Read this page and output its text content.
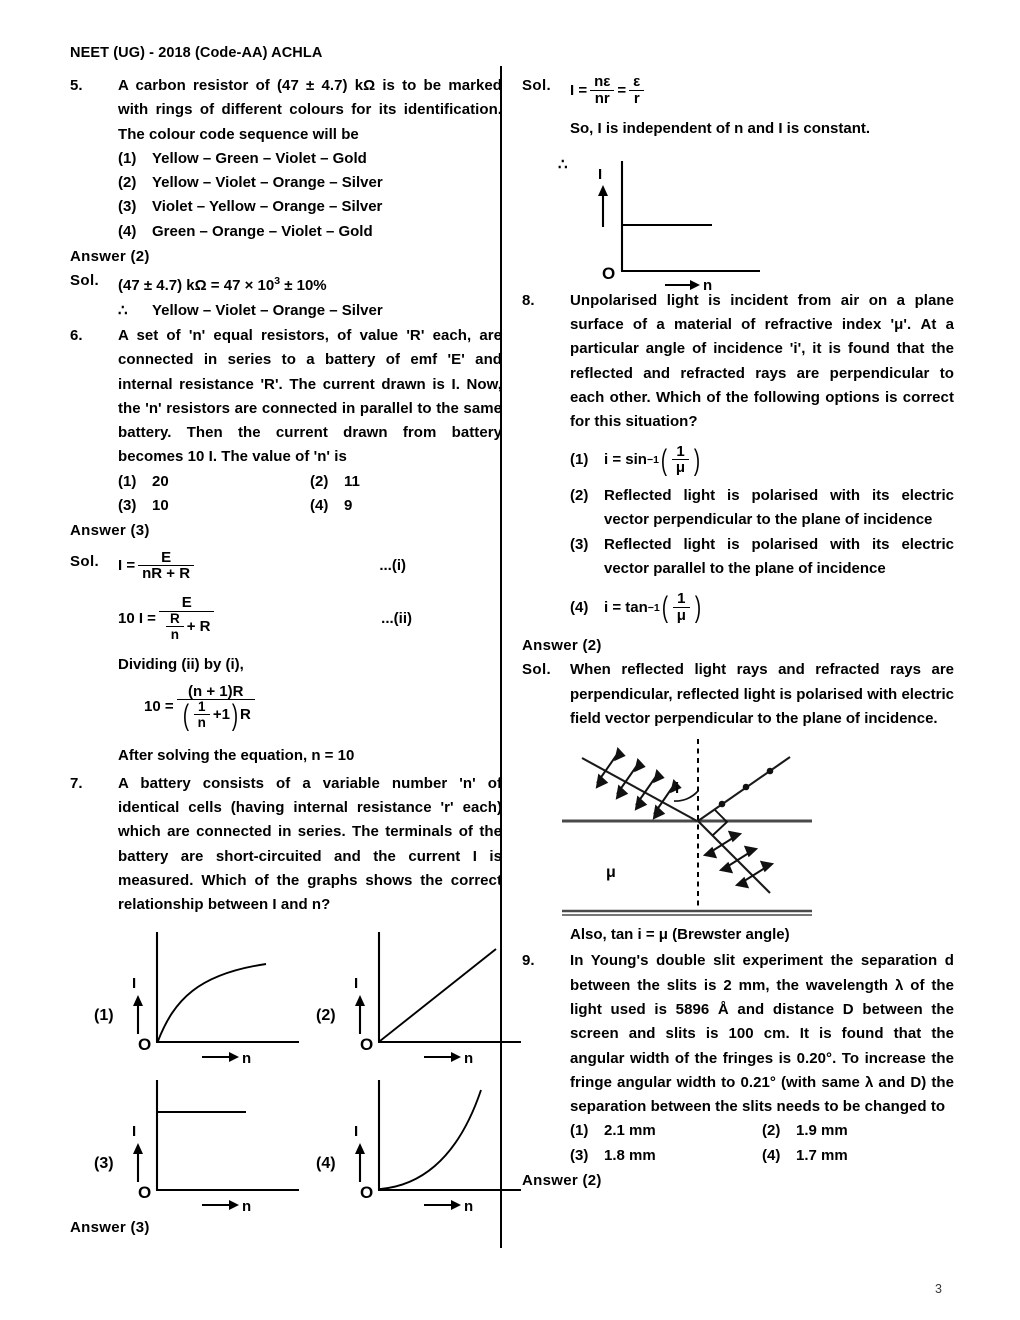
NEET (UG) - 2018 (Code-AA) ACHLA
5.	A carbon resistor of (47 ± 4.7) kΩ is to be marked with rings of different colours for its identification. The colour code sequence will be
(1)	Yellow – Green – Violet – Gold
(2)	Yellow – Violet – Orange – Silver
(3)	Violet – Yellow – Orange – Silver
(4)	Green – Orange – Violet – Gold
Answer (2)
Sol.	(47 ± 4.7) $k\Omega = 47 \times 10^3 \pm 10\%$
∴	Yellow – Violet – Orange – Silver
6.	A set of 'n' equal resistors, of value 'R' each, are connected in series to a battery of emf 'E' and internal resistance 'R'. The current drawn is I. Now, the 'n' resistors are connected in parallel to the same battery. Then the current drawn from battery becomes 10 I. The value of 'n' is
(1)	20	(2)	11
(3)	10	(4)	9
Answer (3)
Sol.	$I = \frac{E}{nR + R}$	...(i)
10 $I = \frac{E}{\frac{R}{n} + R}$	...(ii)
Dividing (ii) by (i),
10 =
(n + 1)R
( $\frac{1}{n} +1$ ) R
After solving the equation, n = 10
7.	A battery consists of a variable number 'n' of identical cells (having internal resistance 'r' each) which are connected in series. The terminals of the battery are short-circuited and the current I is measured. Which of the graphs shows the correct relationship between I and n?
I
n
O
(1)
I
n
O
(2)
I
n
O
(3)
I
n
O
(4)
Answer (3)
Sol.	$I = \frac{n\varepsilon}{nr} = \frac{\varepsilon}{r}$
So, I is independent of n and I is constant.
∴
I
n
O
8.	Unpolarised light is incident from air on a plane surface of a material of refractive index 'μ'. At a particular angle of incidence 'i', it is found that the reflected and refracted rays are perpendicular to each other. Which of the following options is correct for this situation?
(1)	i = sin −1 ( $\frac{1}{\mu}$ )
(2)	Reflected light is polarised with its electric vector perpendicular to the plane of incidence
(3)	Reflected light is polarised with its electric vector parallel to the plane of incidence
(4)	i = tan −1 ( $\frac{1}{\mu}$ )
Answer (2)
Sol.	When reflected light rays and refracted rays are perpendicular, reflected light is polarised with electric field vector perpendicular to the plane of incidence.
i
μ
Also, tan i = μ (Brewster angle)
9.	In Young's double slit experiment the separation d between the slits is 2 mm, the wavelength λ of the light used is 5896 Å and distance D between the screen and slits is 100 cm. It is found that the angular width of the fringes is 0.20°. To increase the fringe angular width to 0.21° (with same λ and D) the separation between the slits needs to be changed to
(1)	2.1 mm	(2)	1.9 mm
(3)	1.8 mm	(4)	1.7 mm
Answer (2)
3
